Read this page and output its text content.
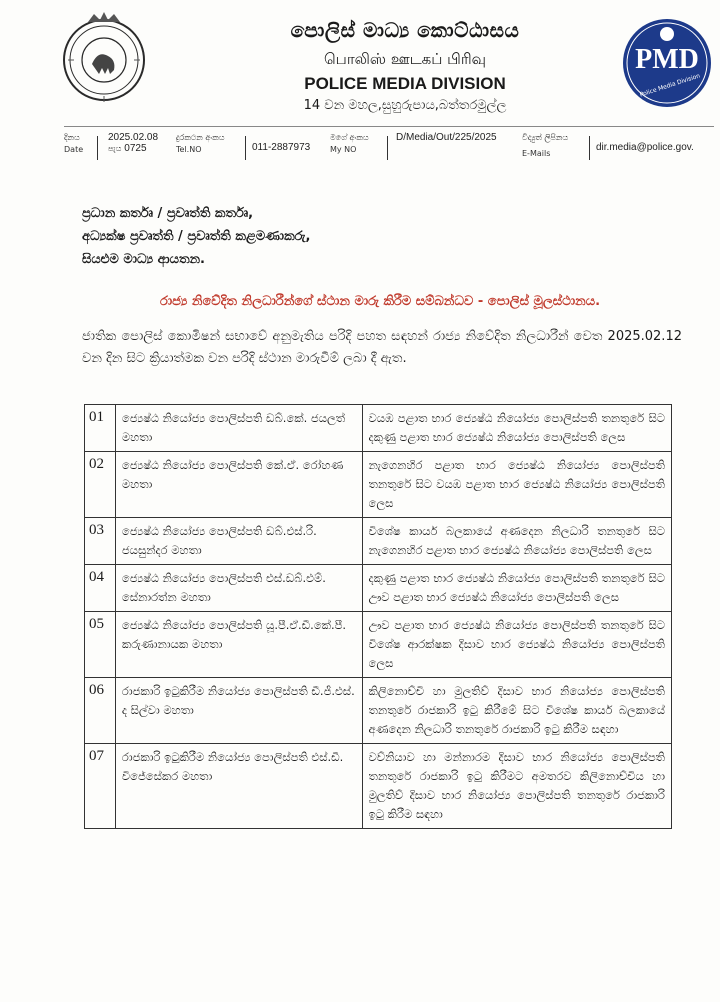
PMD
Police Media Division
පොලිස් මාධ්‍ය කොට්ඨාසය
பொலிஸ் ஊடகப் பிரிவு
POLICE MEDIA DIVISION
14 වන මහල,සුහුරුපාය,බත්තරමුල්ල
දිනය
Date
2025.02.08
පැය 0725
දුරකථන අංකය
Tel.NO	011-2887973
මගේ අංකය
My NO
D/Media/Out/225/2025	විද්‍යුත් ලිපිනය
E-Mails
dir.media@police.gov.
ප්‍රධාන කර්තෘ / ප්‍රවෘත්ති කර්තෘ,
අධ්‍යක්ෂ ප්‍රවෘත්ති / ප්‍රවෘත්ති කළමණාකරු,
සියළුම මාධ්‍ය ආයතන.
රාජ්‍ය නිවේදිත නිලධාරීන්ගේ ස්ථාන මාරු කිරීම සම්බන්ධව - පොලිස් මූලස්ථානය.
ජාතික පොලිස් කොමිෂන් සභාවේ අනුමැතිය පරිදි පහත සඳහන් රාජ්‍ය නිවේදිත නිලධාරීන් වෙත 2025.02.12 වන දින සිට ක්‍රියාත්මක වන පරිදි ස්ථාන මාරුවීම් ලබා දී ඇත.
01	ජ්‍යෙෂ්ඨ නියෝජ්‍ය පොලිස්පති ඩබ්.කේ. ජයලත් මහතා	වයඹ පළාත භාර ජ්‍යෙෂ්ඨ නියෝජ්‍ය පොලිස්පති තනතුරේ සිට දකුණු පළාත භාර ජ්‍යෙෂ්ඨ නියෝජ්‍ය පොලිස්පති ලෙස
02	ජ්‍යෙෂ්ඨ නියෝජ්‍ය පොලිස්පති කේ.ඒ. රෝහණ මහතා	නැගෙනහිර පළාත භාර ජ්‍යෙෂ්ඨ නියෝජ්‍ය පොලිස්පති තනතුරේ සිට වයඹ පළාත භාර ජ්‍යෙෂ්ඨ නියෝජ්‍ය පොලිස්පති ලෙස
03	ජ්‍යෙෂ්ඨ නියෝජ්‍ය පොලිස්පති ඩබ්.එස්.රි. ජයසුන්දර මහතා	විශේෂ කාර්ය බලකායේ අණදෙන නිලධාරි තනතුරේ සිට නැගෙනහිර පළාත භාර ජ්‍යෙෂ්ඨ නියෝජ්‍ය පොලිස්පති ලෙස
04	ජ්‍යෙෂ්ඨ නියෝජ්‍ය පොලිස්පති එස්.ඩබ්.එම්. සේනාරත්න මහතා	දකුණු පළාත භාර ජ්‍යෙෂ්ඨ නියෝජ්‍ය පොලිස්පති තනතුරේ සිට ඌව පළාත භාර ජ්‍යෙෂ්ඨ නියෝජ්‍ය පොලිස්පති ලෙස
05	ජ්‍යෙෂ්ඨ නියෝජ්‍ය පොලිස්පති යූ.පී.ඒ.ඩී.කේ.පී. කරුණානායක මහතා	ඌව පළාත භාර ජ්‍යෙෂ්ඨ නියෝජ්‍ය පොලිස්පති තනතුරේ සිට විශේෂ ආරක්ෂක දිසාව භාර ජ්‍යෙෂ්ඨ නියෝජ්‍ය පොලිස්පති ලෙස
06	රාජකාරි ඉටුකිරීම නියෝජ්‍ය පොලිස්පති ඩී.ජී.එස්. ද සිල්වා මහතා	කිලිනොච්චි හා මුලතිව් දිසාව භාර නියෝජ්‍ය පොලිස්පති තනතුරේ රාජකාරි ඉටු කිරීමේ සිට විශේෂ කාර්ය බලකායේ අණදෙන නිලධාරි තනතුරේ රාජකාරි ඉටු කිරීම සඳහා
07	රාජකාරි ඉටුකිරීම නියෝජ්‍ය පොලිස්පති එස්.ඩී. විජේසේකර මහතා	වව්නියාව හා මන්නාරම දිසාව භාර නියෝජ්‍ය පොලිස්පති තනතුරේ රාජකාරි ඉටු කිරීමට අමතරව කිලිනොච්චිය හා මුලතිව් දිසාව භාර නියෝජ්‍ය පොලිස්පති තනතුරේ රාජකාරි ඉටු කිරීම සඳහා
